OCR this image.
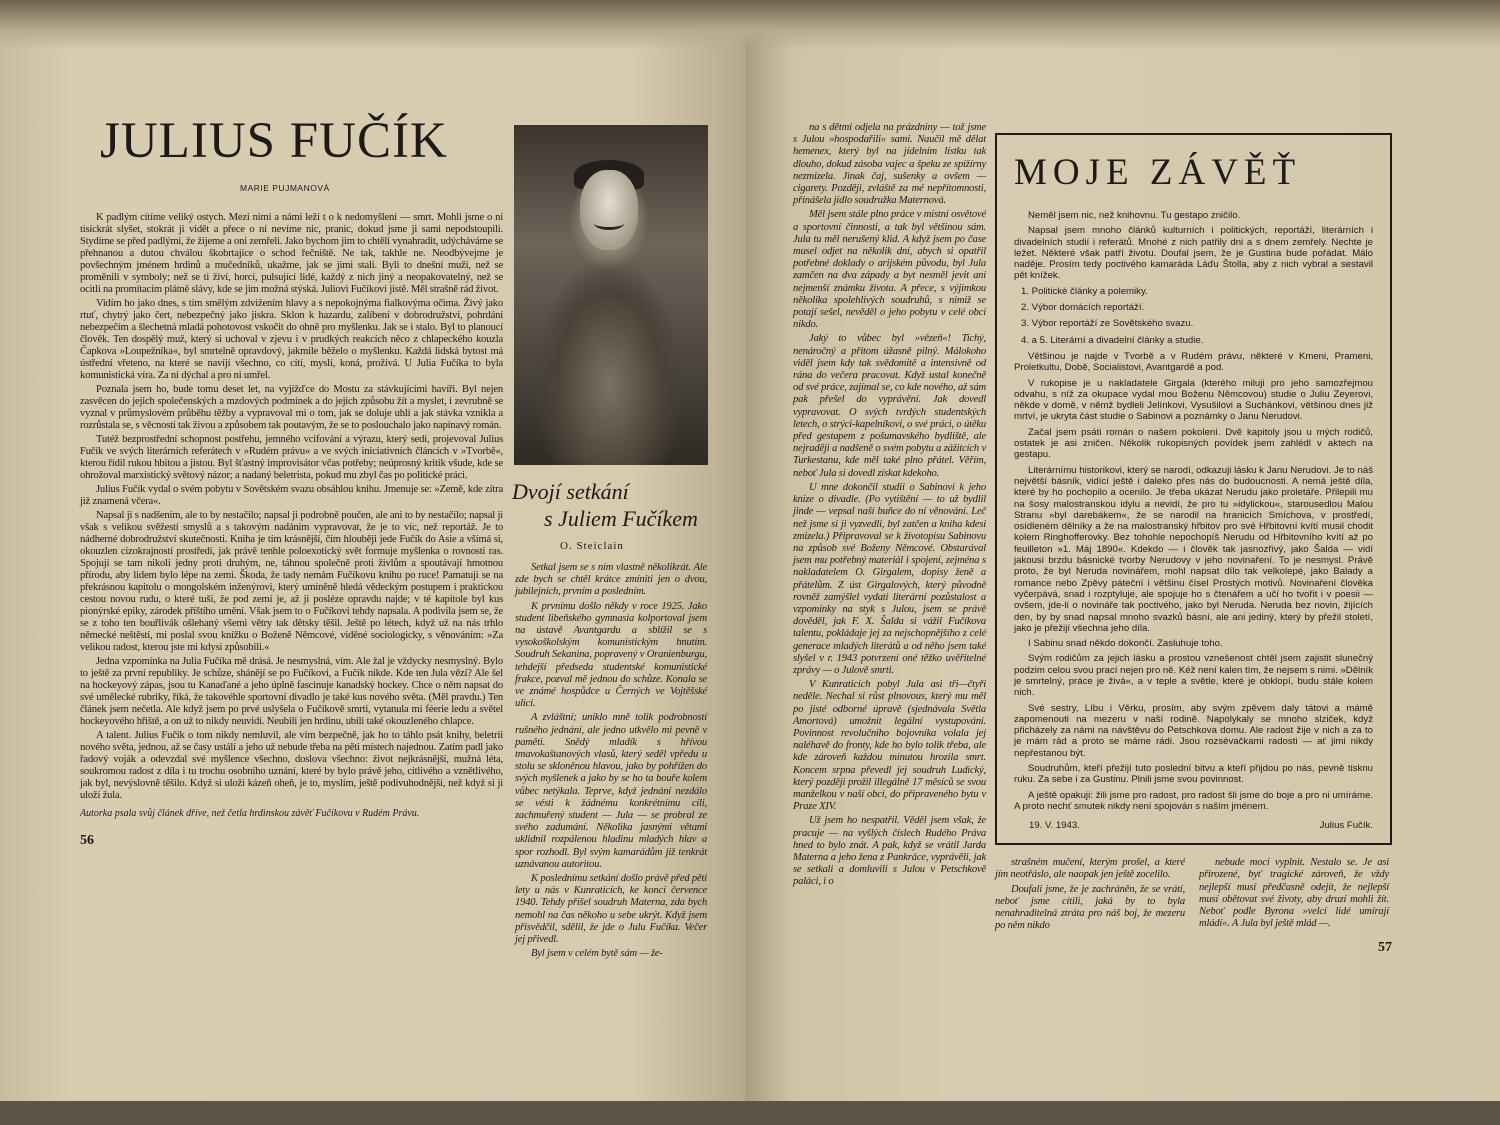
JULIUS FUČÍK
MARIE PUJMANOVÁ

K padlým cítíme veliký ostych. Mezi nimi a námi leží t o k nedomyšlení — smrt. Mohli jsme o ní tisíckrát slyšet, stokrát ji vidět a přece o ní nevíme nic, pranic, dokud jsme ji sami nepodstoupili. Stydíme se před padlými, že žijeme a oni zemřeli. Jako bychom jim to chtěli vynahradit, udýcháváme se přehnanou a dutou chválou škobrtajíce o schod řečniště. Ne tak, takhle ne. Neodbývejme je povšechným jménem hrdinů a mučedníků, ukažme, jak se jimi stali. Byli to dnešní muži, než se proměnili v symboly; než se ti živí, horcí, pulsující lidé, každý z nich jiný a neopakovatelný, než se ocitli na promítacím plátně slávy, kde se jim možná stýská. Juliovi Fučíkovi jistě. Měl strašně rád život.

Vidím ho jako dnes, s tím smělým zdvižením hlavy a s nepokojnýma fialkovýma očima. Živý jako rtuť, chytrý jako čert, nebezpečný jako jiskra. Sklon k hazardu, zalíbení v dobrodružství, pohrdání nebezpečím a šlechetná mladá pohotovost vskočit do ohně pro myšlenku. Jak se i stalo. Byl to planoucí člověk. Ten dospělý muž, který si uchoval v zjevu i v prudkých reakcích něco z chlapeckého kouzla Čapkova »Loupežníka«, byl smrtelně opravdový, jakmile běželo o myšlenku. Každá lidská bytost má ústřední vřeteno, na které se navíjí všechno, co cítí, myslí, koná, prožívá. U Julia Fučíka to byla komunistická víra. Za ni dýchal a pro ni umřel.

Poznala jsem ho, bude tomu deset let, na vyjížďce do Mostu za stávkujícími havíři. Byl nejen zasvěcen do jejich společenských a mzdových podmínek a do jejich způsobu žít a myslet, i zevrubně se vyznal v průmyslovém průběhu těžby a vypravoval mi o tom, jak se doluje uhlí a jak stávka vznikla a rozrůstala se, s věcností tak živou a způsobem tak poutavým, že se to poslouchalo jako napínavý román.

Tutéž bezprostřední schopnost postřehu, jemného vcifování a výrazu, který sedí, projevoval Julius Fučík ve svých literárních referátech v »Rudém právu« a ve svých iniciativních článcích v »Tvorbě«, kterou řídil rukou hbitou a jistou. Byl šťastný improvisátor včas potřeby; neúprosný kritik všude, kde se ohrožoval marxistický světový názor; a nadaný beletrista, pokud mu zbyl čas po politické práci.

Julius Fučík vydal o svém pobytu v Sovětském svazu obsáhlou knihu. Jmenuje se: »Země, kde zítra již znamená včera«.

Napsal ji s nadšením, ale to by nestačilo; napsal ji podrobně poučen, ale ani to by nestačilo; napsal ji však s velikou svěžestí smyslů a s takovým nadáním vypravovat, že je to víc, než reportáž. Je to nádherné dobrodružství skutečnosti. Kniha je tím krásnější, čím hlouběji jede Fučík do Asie a všímá si, okouzlen cizokrajností prostředí, jak právě tenhle poloexotický svět formuje myšlenka o rovnosti ras. Spojují se tam nikoli jedny proti druhým, ne, táhnou společně proti živlům a spoutávají hmotnou přírodu, aby lidem bylo lépe na zemi. Škoda, že tady nemám Fučíkovu knihu po ruce! Pamatuji se na překrásnou kapitolu o mongolském inženýrovi, který umíněně hledá vědeckým postupem i praktickou cestou novou rudu, o které tuší, že pod zemí je, až ji posléze opravdu najde; v té kapitole byl kus pionýrské epiky, zárodek příštího umění. Však jsem to o Fučíkovi tehdy napsala. A podivila jsem se, že se z toho ten bouřlivák ošlehaný všemi větry tak dětsky těšil. Ještě po létech, když už na nás trhlo německé neštěstí, mi poslal svou knížku o Boženě Němcové, viděné sociologicky, s věnováním: »Za velikou radost, kterou jste mi kdysi způsobili.«

Jedna vzpomínka na Julia Fučíka mě drásá. Je nesmyslná, vím. Ale žal je vždycky nesmyslný. Bylo to ještě za první republiky. Je schůze, shánějí se po Fučíkovi, a Fučík nikde. Kde ten Jula vězí? Ale šel na hockeyový zápas, jsou tu Kanaďané a jeho úplně fascinuje kanadský hockey. Chce o něm napsat do své umělecké rubriky, říká, že takovéhle sportovní divadlo je také kus nového světa. (Měl pravdu.) Ten článek jsem nečetla. Ale když jsem po prvé uslyšela o Fučíkově smrti, vytanula mi féerie ledu a světel hockeyového hřiště, a on už to nikdy neuvidí. Neubili jen hrdinu, ubili také okouzleného chlapce.

A talent. Julius Fučík o tom nikdy nemluvil, ale vím bezpečně, jak ho to táhlo psát knihy, beletrii nového světa, jednou, až se časy ustálí a jeho už nebude třeba na pěti místech najednou. Zatím padl jako řadový voják a odevzdal své myšlence všechno, doslova všechno: život nejkrásnější, mužná léta, soukromou radost z díla i tu trochu osobního uznání, které by bylo právě jeho, citlivého a vznětlivého, jak byl, nevýslovně těšilo. Když si uloží kázeň oheň, je to, myslím, ještě podivuhodnější, než když si ji uloží žula.

Autorka psala svůj článek dříve, než četla hrdinskou závěť Fučíkovu v Rudém Právu.
56
Dvojí setkání
s Juliem Fučíkem
O. Steiclain

Setkal jsem se s ním vlastně několikrát. Ale zde bych se chtěl krátce zmíniti jen o dvou, jubilejních, prvním a posledním.

K prvnímu došlo někdy v roce 1925. Jako student libeňského gymnasia kolportoval jsem na ústavě Avantgardu a sblížil se s vysokoškolským komunistickým hnutím. Soudruh Sekanina, popravený v Oranienburgu, tehdejší předseda studentské komunistické frakce, pozval mě jednou do schůze. Konala se ve známé hospůdce u Černých ve Vojtěšské ulici.

A zvláštní; uniklo mně tolik podrobností rušného jednání, ale jedno utkvělo mi pevně v paměti. Snědý mladík s hřívou tmavokaštanových vlasů, který seděl vpředu u stolu se skloněnou hlavou, jako by pohřížen do svých myšlenek a jako by se ho ta bouře kolem vůbec netýkala. Teprve, když jednání nezdálo se vésti k žádnému konkrétnímu cíli, zachmuřený student — Jula — se probral ze svého zadumání. Několika jasnými větami uklidnil rozpálenou hladinu mladých hlav a spor rozhodl. Byl svým kamarádům již tenkrát uznávanou autoritou.

K poslednímu setkání došlo právě před pěti lety u nás v Kunraticích, ke konci července 1940. Tehdy přišel soudruh Materna, zda bych nemohl na čas někoho u sebe ukrýt. Když jsem přisvědčil, sdělil, že jde o Julu Fučíka. Večer jej přivedl.

Byl jsem v celém bytě sám — že-

na s dětmi odjela na prázdniny — tož jsme s Julou »hospodařili« sami. Naučil mě dělat hemenex, který byl na jídelním lístku tak dlouho, dokud zásoba vajec a špeku ze spižírny nezmizela. Jinak čaj, sušenky a ovšem — cigarety. Později, zvláště za mé nepřítomnosti, přinášela jídlo soudružka Maternová.

Měl jsem stále plno práce v místní osvětové a sportovní činnosti, a tak byl většinou sám. Jula tu měl nerušený klid. A když jsem po čase musel odjet na několik dní, abych si opatřil potřebné doklady o arijském původu, byl Jula zamčen na dva západy a byt nesměl jevit ani nejmenší známku života. A přece, s výjimkou několika spolehlivých soudruhů, s nimiž se potají sešel, nevěděl o jeho pobytu v celé obci nikdo.

Jaký to vůbec byl »vězeň«! Tichý, nenáročný a přitom úžasně pilný. Málokoho viděl jsem kdy tak svědomitě a intensivně od rána do večera pracovat. Když ustal konečně od své práce, zajímal se, co kde nového, až sám pak přešel do vyprávění. Jak dovedl vypravovat. O svých tvrdých studentských letech, o strýci-kapelníkovi, o své práci, o útěku před gestapem z pošumavského bydliště, ale nejraději a nadšeně o svém pobytu a zážitcích v Turkestanu, kde měl také plno přátel. Věřím, neboť Jula si dovedl získat kdekoho.

U mne dokončil studii o Sabinovi k jeho knize o divadle. (Po vytištění — to už bydlil jinde — vepsal naší buňce do ní věnování. Leč než jsme si ji vyzvedli, byl zatčen a kniha kdesi zmizela.) Připravoval se k životopisu Sabinovu na způsob své Boženy Němcové. Obstarával jsem mu potřebný materiál i spojení, zejména s nakladatelem O. Girgalem, dopisy ženě a přátelům. Z úst Girgalových, který původně rovněž zamýšlel vydati literární pozůstalost a vzpomínky na styk s Julou, jsem se právě dověděl, jak F. X. Šalda si vážil Fučíkova talentu, pokládaje jej za nejschopnějšího z celé generace mladých literátů a od něho jsem také slyšel v r. 1943 potvrzení oné těžko uvěřitelné zprávy — o Julově smrti.

V Kunraticích pobyl Jula asi tři—čtyři neděle. Nechal si růst plnovous, který mu měl po jisté odborné úpravě (sjednávala Světla Amortová) umožnit legální vystupování. Povinnost revolučního bojovníka volala jej naléhavě do fronty, kde ho bylo tolik třeba, ale kde zároveň každou minutou hrozila smrt. Koncem srpna převedl jej soudruh Ludický, který později prožil illegálně 17 měsíců se svou manželkou v naší obci, do připraveného bytu v Praze XIV.

Už jsem ho nespatřil. Věděl jsem však, že pracuje — na vyšlých číslech Rudého Práva hned to bylo znát. A pak, když se vrátil Jarda Materna a jeho žena z Pankráce, vyprávěli, jak se setkali a domluvili s Julou v Petschkově paláci, i o

MOJE ZÁVĚŤ

Neměl jsem nic, než knihovnu. Tu gestapo zničilo.

Napsal jsem mnoho článků kulturních i politických, reportáží, literárních i divadelních studií i referátů. Mnohé z nich patřily dni a s dnem zemřely. Nechte je ležet. Některé však patří životu. Doufal jsem, že je Gustina bude pořádat. Málo naděje. Prosím tedy poctivého kamaráda Láďu Štolla, aby z nich vybral a sestavil pět knížek.

1. Politické články a polemiky.

2. Výbor domácích reportáží.

3. Výbor reportáží ze Sovětského svazu.

4. a 5. Literární a divadelní články a studie.

Většinou je najde v Tvorbě a v Rudém právu, některé v Kmeni, Prameni, Proletkultu, Době, Socialistovi, Avantgardě a pod.

V rukopise je u nakladatele Girgala (kterého miluji pro jeho samozřejmou odvahu, s níž za okupace vydal mou Boženu Němcovou) studie o Juliu Zeyerovi, někde v domě, v němž bydleli Jelínkovi, Vysušilovi a Suchánkovi, většinou dnes již mrtví, je ukryta část studie o Sabinovi a poznámky o Janu Nerudovi.

Začal jsem psáti román o našem pokolení. Dvě kapitoly jsou u mých rodičů, ostatek je asi zničen. Několik rukopisných povídek jsem zahlédl v aktech na gestapu.

Literárnímu historikovi, který se narodí, odkazuji lásku k Janu Nerudovi. Je to náš největší básník, vidící ještě i daleko přes nás do budoucnosti. A nemá ještě díla, které by ho pochopilo a ocenilo. Je třeba ukázat Nerudu jako proletáře. Přilepili mu na šosy malostranskou idylu a nevidí, že pro tu »idylickou«, starousedlou Malou Stranu »byl darebákem«, že se narodil na hranicích Smíchova, v prostředí, osídleném dělníky a že na malostranský hřbitov pro své Hřbitovní kvítí musil chodit kolem Ringhofferovky. Bez tohohle nepochopíš Nerudu od Hřbitovního kvítí až po feuilleton »1. Máj 1890«. Kdekdo — i člověk tak jasnozřivý, jako Šalda — vidí jakousi brzdu básnické tvorby Nerudovy v jeho novinaření. To je nesmysl. Právě proto, že byl Neruda novinářem, mohl napsat dílo tak velkolepé, jako Balady a romance nebo Zpěvy páteční i většinu čísel Prostých motivů. Novinaření člověka vyčerpává, snad i rozptyluje, ale spojuje ho s čtenářem a učí ho tvořit i v poesii — ovšem, jde-li o novináře tak poctivého, jako byl Neruda. Neruda bez novin, žijících den, by by snad napsal mnoho svazků básní, ale ani jediný, který by přežil století, jako je přežijí všechna jeho díla.

I Sabinu snad někdo dokončí. Zasluhuje toho.

Svým rodičům za jejich lásku a prostou vznešenost chtěl jsem zajistit slunečný podzim celou svou prací nejen pro ně. Kéž není kalen tím, že nejsem s nimi. »Dělník je smrtelný, práce je živá«, a v teple a světle, které je obklopí, budu stále kolem nich.

Své sestry, Líbu i Věrku, prosím, aby svým zpěvem daly tátovi a mámě zapomenouti na mezeru v naší rodině. Napolykaly se mnoho slziček, když přicházely za námi na návštěvu do Petschkova domu. Ale radost žije v nich a za to je mám rád a proto se máme rádi. Jsou rozsévačkami radosti — ať jimi nikdy nepřestanou být.

Soudruhům, kteří přežijí tuto poslední bitvu a kteří přijdou po nás, pevně tisknu ruku. Za sebe i za Gustinu. Plnili jsme svou povinnost.

A ještě opakuji: žili jsme pro radost, pro radost šli jsme do boje a pro ni umíráme. A proto nechť smutek nikdy není spojován s naším jménem.

19. V. 1943.	Julius Fučík.

strašném mučení, kterým prošel, a které jím neotřáslo, ale naopak jen ještě zocelilo.

Doufali jsme, že je zachráněn, že se vrátí, neboť jsme cítili, jaká by to byla nenahraditelná ztráta pro náš boj, že mezeru po něm nikdo

nebude moci vyplnit. Nestalo se. Je asi přirozené, byť tragické zároveň, že vždy nejlepší musí předčasně odejít, že nejlepší musí obětovat své životy, aby druzí mohli žít. Neboť podle Byrona »velcí lidé umírají mládí«. A Jula byl ještě mlád —.

57
